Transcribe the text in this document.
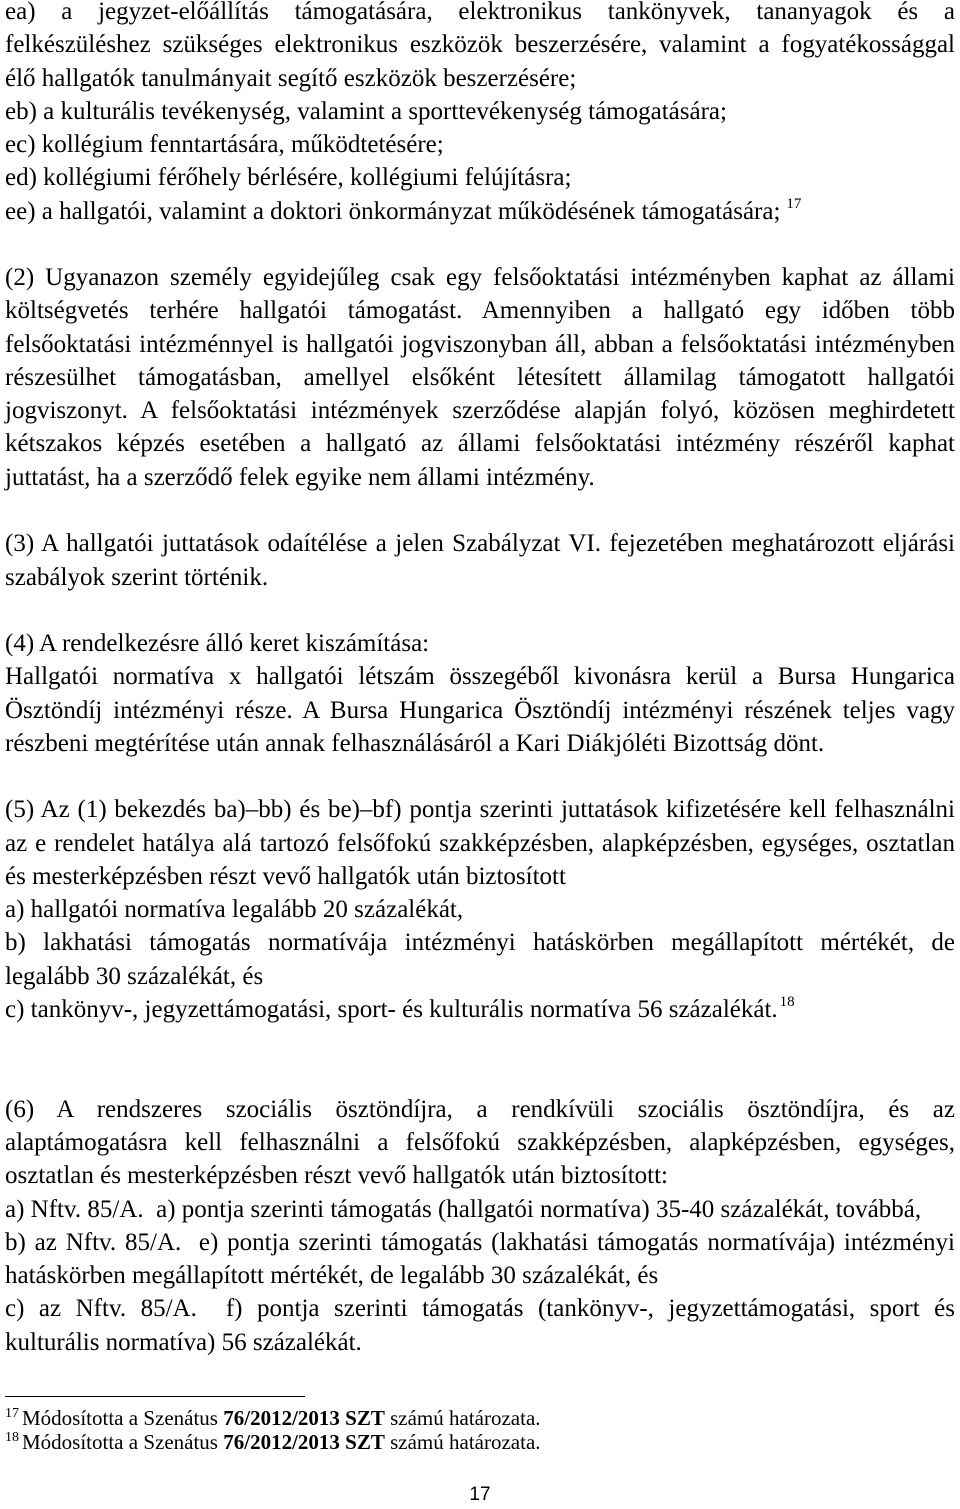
ea) a jegyzet-előállítás támogatására, elektronikus tankönyvek, tananyagok és a
felkészüléshez szükséges elektronikus eszközök beszerzésére, valamint a fogyatékossággal
élő hallgatók tanulmányait segítő eszközök beszerzésére;
eb) a kulturális tevékenység, valamint a sporttevékenység támogatására;
ec) kollégium fenntartására, működtetésére;
ed) kollégiumi férőhely bérlésére, kollégiumi felújításra;
ee) a hallgatói, valamint a doktori önkormányzat működésének támogatására; $^{17}$
(2) Ugyanazon személy egyidejűleg csak egy felsőoktatási intézményben kaphat az állami
költségvetés terhére hallgatói támogatást. Amennyiben a hallgató egy időben több
felsőoktatási intézménnyel is hallgatói jogviszonyban áll, abban a felsőoktatási intézményben
részesülhet támogatásban, amellyel elsőként létesített államilag támogatott hallgatói
jogviszonyt. A felsőoktatási intézmények szerződése alapján folyó, közösen meghirdetett
kétszakos képzés esetében a hallgató az állami felsőoktatási intézmény részéről kaphat
juttatást, ha a szerződő felek egyike nem állami intézmény.
(3) A hallgatói juttatások odaítélése a jelen Szabályzat VI. fejezetében meghatározott eljárási
szabályok szerint történik.
(4) A rendelkezésre álló keret kiszámítása:
Hallgatói normatíva x hallgatói létszám összegéből kivonásra kerül a Bursa Hungarica
Ösztöndíj intézményi része. A Bursa Hungarica Ösztöndíj intézményi részének teljes vagy
részbeni megtérítése után annak felhasználásáról a Kari Diákjóléti Bizottság dönt.
(5) Az (1) bekezdés ba)–bb) és be)–bf) pontja szerinti juttatások kifizetésére kell felhasználni
az e rendelet hatálya alá tartozó felsőfokú szakképzésben, alapképzésben, egységes, osztatlan
és mesterképzésben részt vevő hallgatók után biztosított
a) hallgatói normatíva legalább 20 százalékát,
b) lakhatási támogatás normatívája intézményi hatáskörben megállapított mértékét, de
legalább 30 százalékát, és
c) tankönyv-, jegyzettámogatási, sport- és kulturális normatíva 56 százalékát. $^{18}$
(6) A rendszeres szociális ösztöndíjra, a rendkívüli szociális ösztöndíjra, és az
alaptámogatásra kell felhasználni a felsőfokú szakképzésben, alapképzésben, egységes,
osztatlan és mesterképzésben részt vevő hallgatók után biztosított:
a) Nftv. 85/A.  a) pontja szerinti támogatás (hallgatói normatíva) 35-40 százalékát, továbbá,
b) az Nftv. 85/A.  e) pontja szerinti támogatás (lakhatási támogatás normatívája) intézményi
hatáskörben megállapított mértékét, de legalább 30 százalékát, és
c) az Nftv. 85/A.  f) pontja szerinti támogatás (tankönyv-, jegyzettámogatási, sport és
kulturális normatíva) 56 százalékát.
$^{17}$ Módosította a Szenátus 76/2012/2013 SZT számú határozata.
$^{18}$ Módosította a Szenátus 76/2012/2013 SZT számú határozata.
17
